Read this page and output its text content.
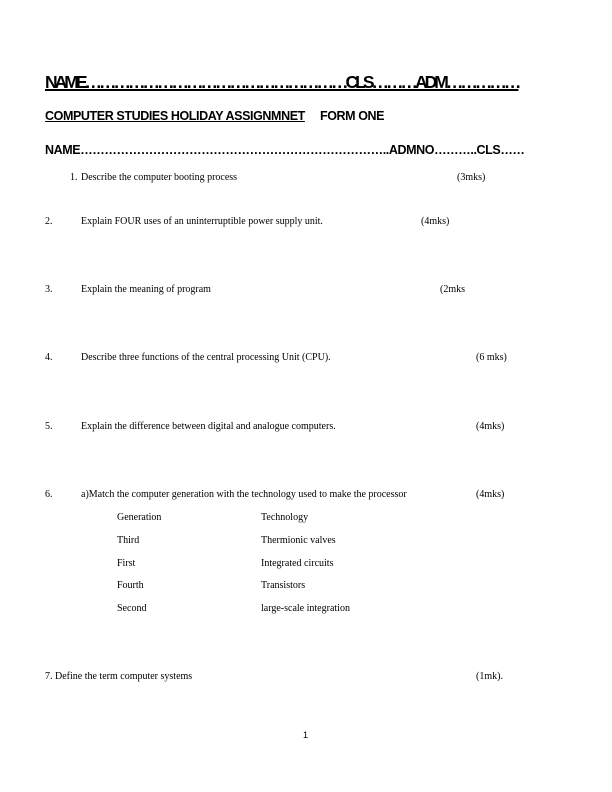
NAME………………………………………………CLS………ADM……………
COMPUTER STUDIES HOLIDAY ASSIGNMNET FORM ONE
NAME…………………………………………………………………..ADMNO………..CLS……
1. Describe the computer booting process	(3mks)
2.	Explain FOUR uses of an uninterruptible power supply unit.	(4mks)
3.	Explain the meaning of program	(2mks
4.	Describe three functions of the central processing Unit (CPU).	(6 mks)
5.	Explain the difference between digital and analogue computers.	(4mks)
6.	a)Match the computer generation with the technology used to make the processor	(4mks)
Generation	Technology
Third	Thermionic valves
First	Integrated circuits
Fourth	Transistors
Second	large-scale integration
7. Define the term computer systems	(1mk).
1
